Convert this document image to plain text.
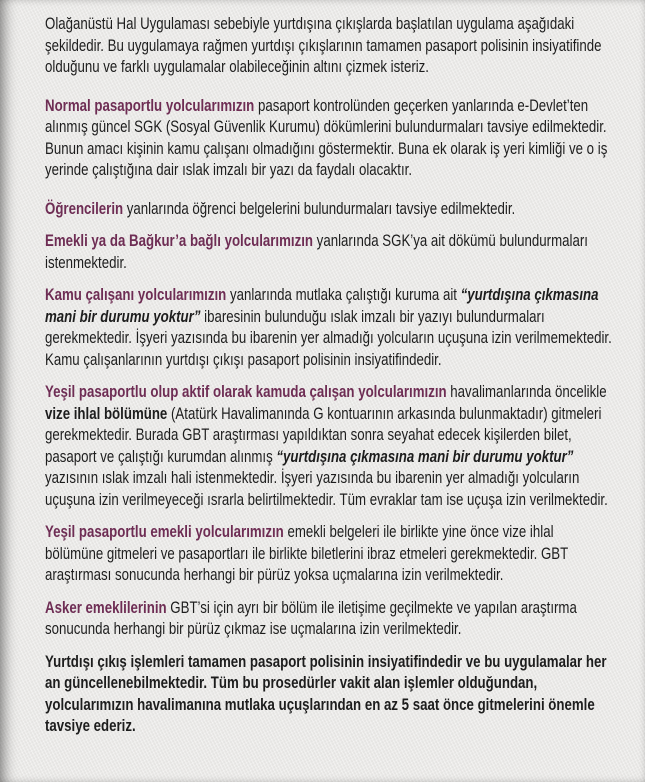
Olağanüstü Hal Uygulaması sebebiyle yurtdışına çıkışlarda başlatılan uygulama aşağıdaki şekildedir. Bu uygulamaya rağmen yurtdışı çıkışlarının tamamen pasaport polisinin insiyatifinde olduğunu ve farklı uygulamalar olabileceğinin altını çizmek isteriz.

Normal pasaportlu yolcularımızın pasaport kontrolünden geçerken yanlarında e-Devlet’ten alınmış güncel SGK (Sosyal Güvenlik Kurumu) dökümlerini bulundurmaları tavsiye edilmektedir. Bunun amacı kişinin kamu çalışanı olmadığını göstermektir. Buna ek olarak iş yeri kimliği ve o iş yerinde çalıştığına dair ıslak imzalı bir yazı da faydalı olacaktır.

Öğrencilerin yanlarında öğrenci belgelerini bulundurmaları tavsiye edilmektedir.

Emekli ya da Bağkur’a bağlı yolcularımızın yanlarında SGK’ya ait dökümü bulundurmaları istenmektedir.

Kamu çalışanı yolcularımızın yanlarında mutlaka çalıştığı kuruma ait “yurtdışına çıkmasına mani bir durumu yoktur” ibaresinin bulunduğu ıslak imzalı bir yazıyı bulundurmaları gerekmektedir. İşyeri yazısında bu ibarenin yer almadığı yolcuların uçuşuna izin verilmemektedir. Kamu çalışanlarının yurtdışı çıkışı pasaport polisinin insiyatifindedir.

Yeşil pasaportlu olup aktif olarak kamuda çalışan yolcularımızın havalimanlarında öncelikle vize ihlal bölümüne (Atatürk Havalimanında G kontuarının arkasında bulunmaktadır) gitmeleri gerekmektedir. Burada GBT araştırması yapıldıktan sonra seyahat edecek kişilerden bilet, pasaport ve çalıştığı kurumdan alınmış “yurtdışına çıkmasına mani bir durumu yoktur” yazısının ıslak imzalı hali istenmektedir. İşyeri yazısında bu ibarenin yer almadığı yolcuların uçuşuna izin verilmeyeceği ısrarla belirtilmektedir. Tüm evraklar tam ise uçuşa izin verilmektedir.

Yeşil pasaportlu emekli yolcularımızın emekli belgeleri ile birlikte yine önce vize ihlal bölümüne gitmeleri ve pasaportları ile birlikte biletlerini ibraz etmeleri gerekmektedir. GBT araştırması sonucunda herhangi bir pürüz yoksa uçmalarına izin verilmektedir.

Asker emeklilerinin GBT’si için ayrı bir bölüm ile iletişime geçilmekte ve yapılan araştırma sonucunda herhangi bir pürüz çıkmaz ise uçmalarına izin verilmektedir.

Yurtdışı çıkış işlemleri tamamen pasaport polisinin insiyatifindedir ve bu uygulamalar her an güncellenebilmektedir. Tüm bu prosedürler vakit alan işlemler olduğundan, yolcularımızın havalimanına mutlaka uçuşlarından en az 5 saat önce gitmelerini önemle tavsiye ederiz.
